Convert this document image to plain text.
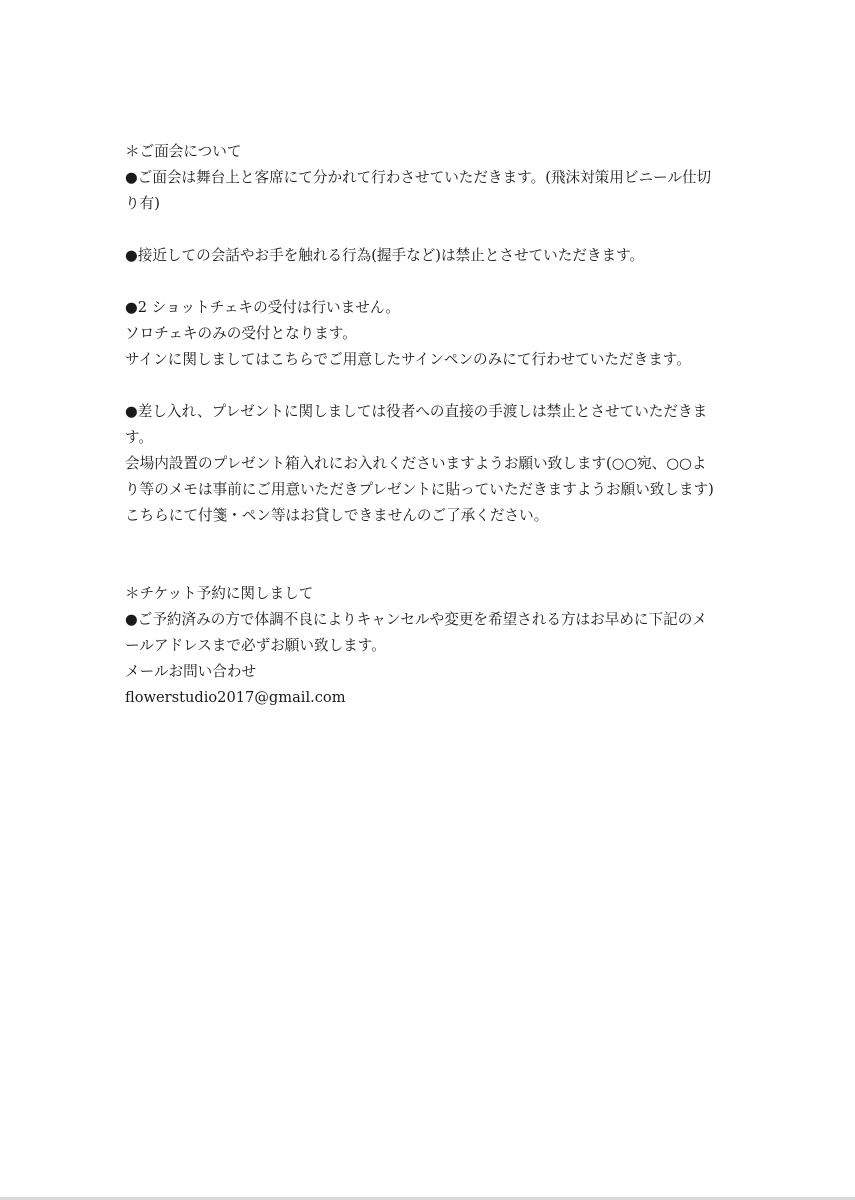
＊ご面会について

●ご面会は舞台上と客席にて分かれて行わさせていただきます。(飛沫対策用ビニール仕切

り有)

●接近しての会話やお手を触れる行為(握手など)は禁止とさせていただきます。

●2 ショットチェキの受付は行いません。

ソロチェキのみの受付となります。

サインに関しましてはこちらでご用意したサインペンのみにて行わせていただきます。

●差し入れ、プレゼントに関しましては役者への直接の手渡しは禁止とさせていただきま

す。

会場内設置のプレゼント箱入れにお入れくださいますようお願い致します(○○宛、○○よ

り等のメモは事前にご用意いただきプレゼントに貼っていただきますようお願い致します)

こちらにて付箋・ペン等はお貸しできませんのご了承ください。

＊チケット予約に関しまして

●ご予約済みの方で体調不良によりキャンセルや変更を希望される方はお早めに下記のメ

ールアドレスまで必ずお願い致します。

メールお問い合わせ

flowerstudio2017@gmail.com
